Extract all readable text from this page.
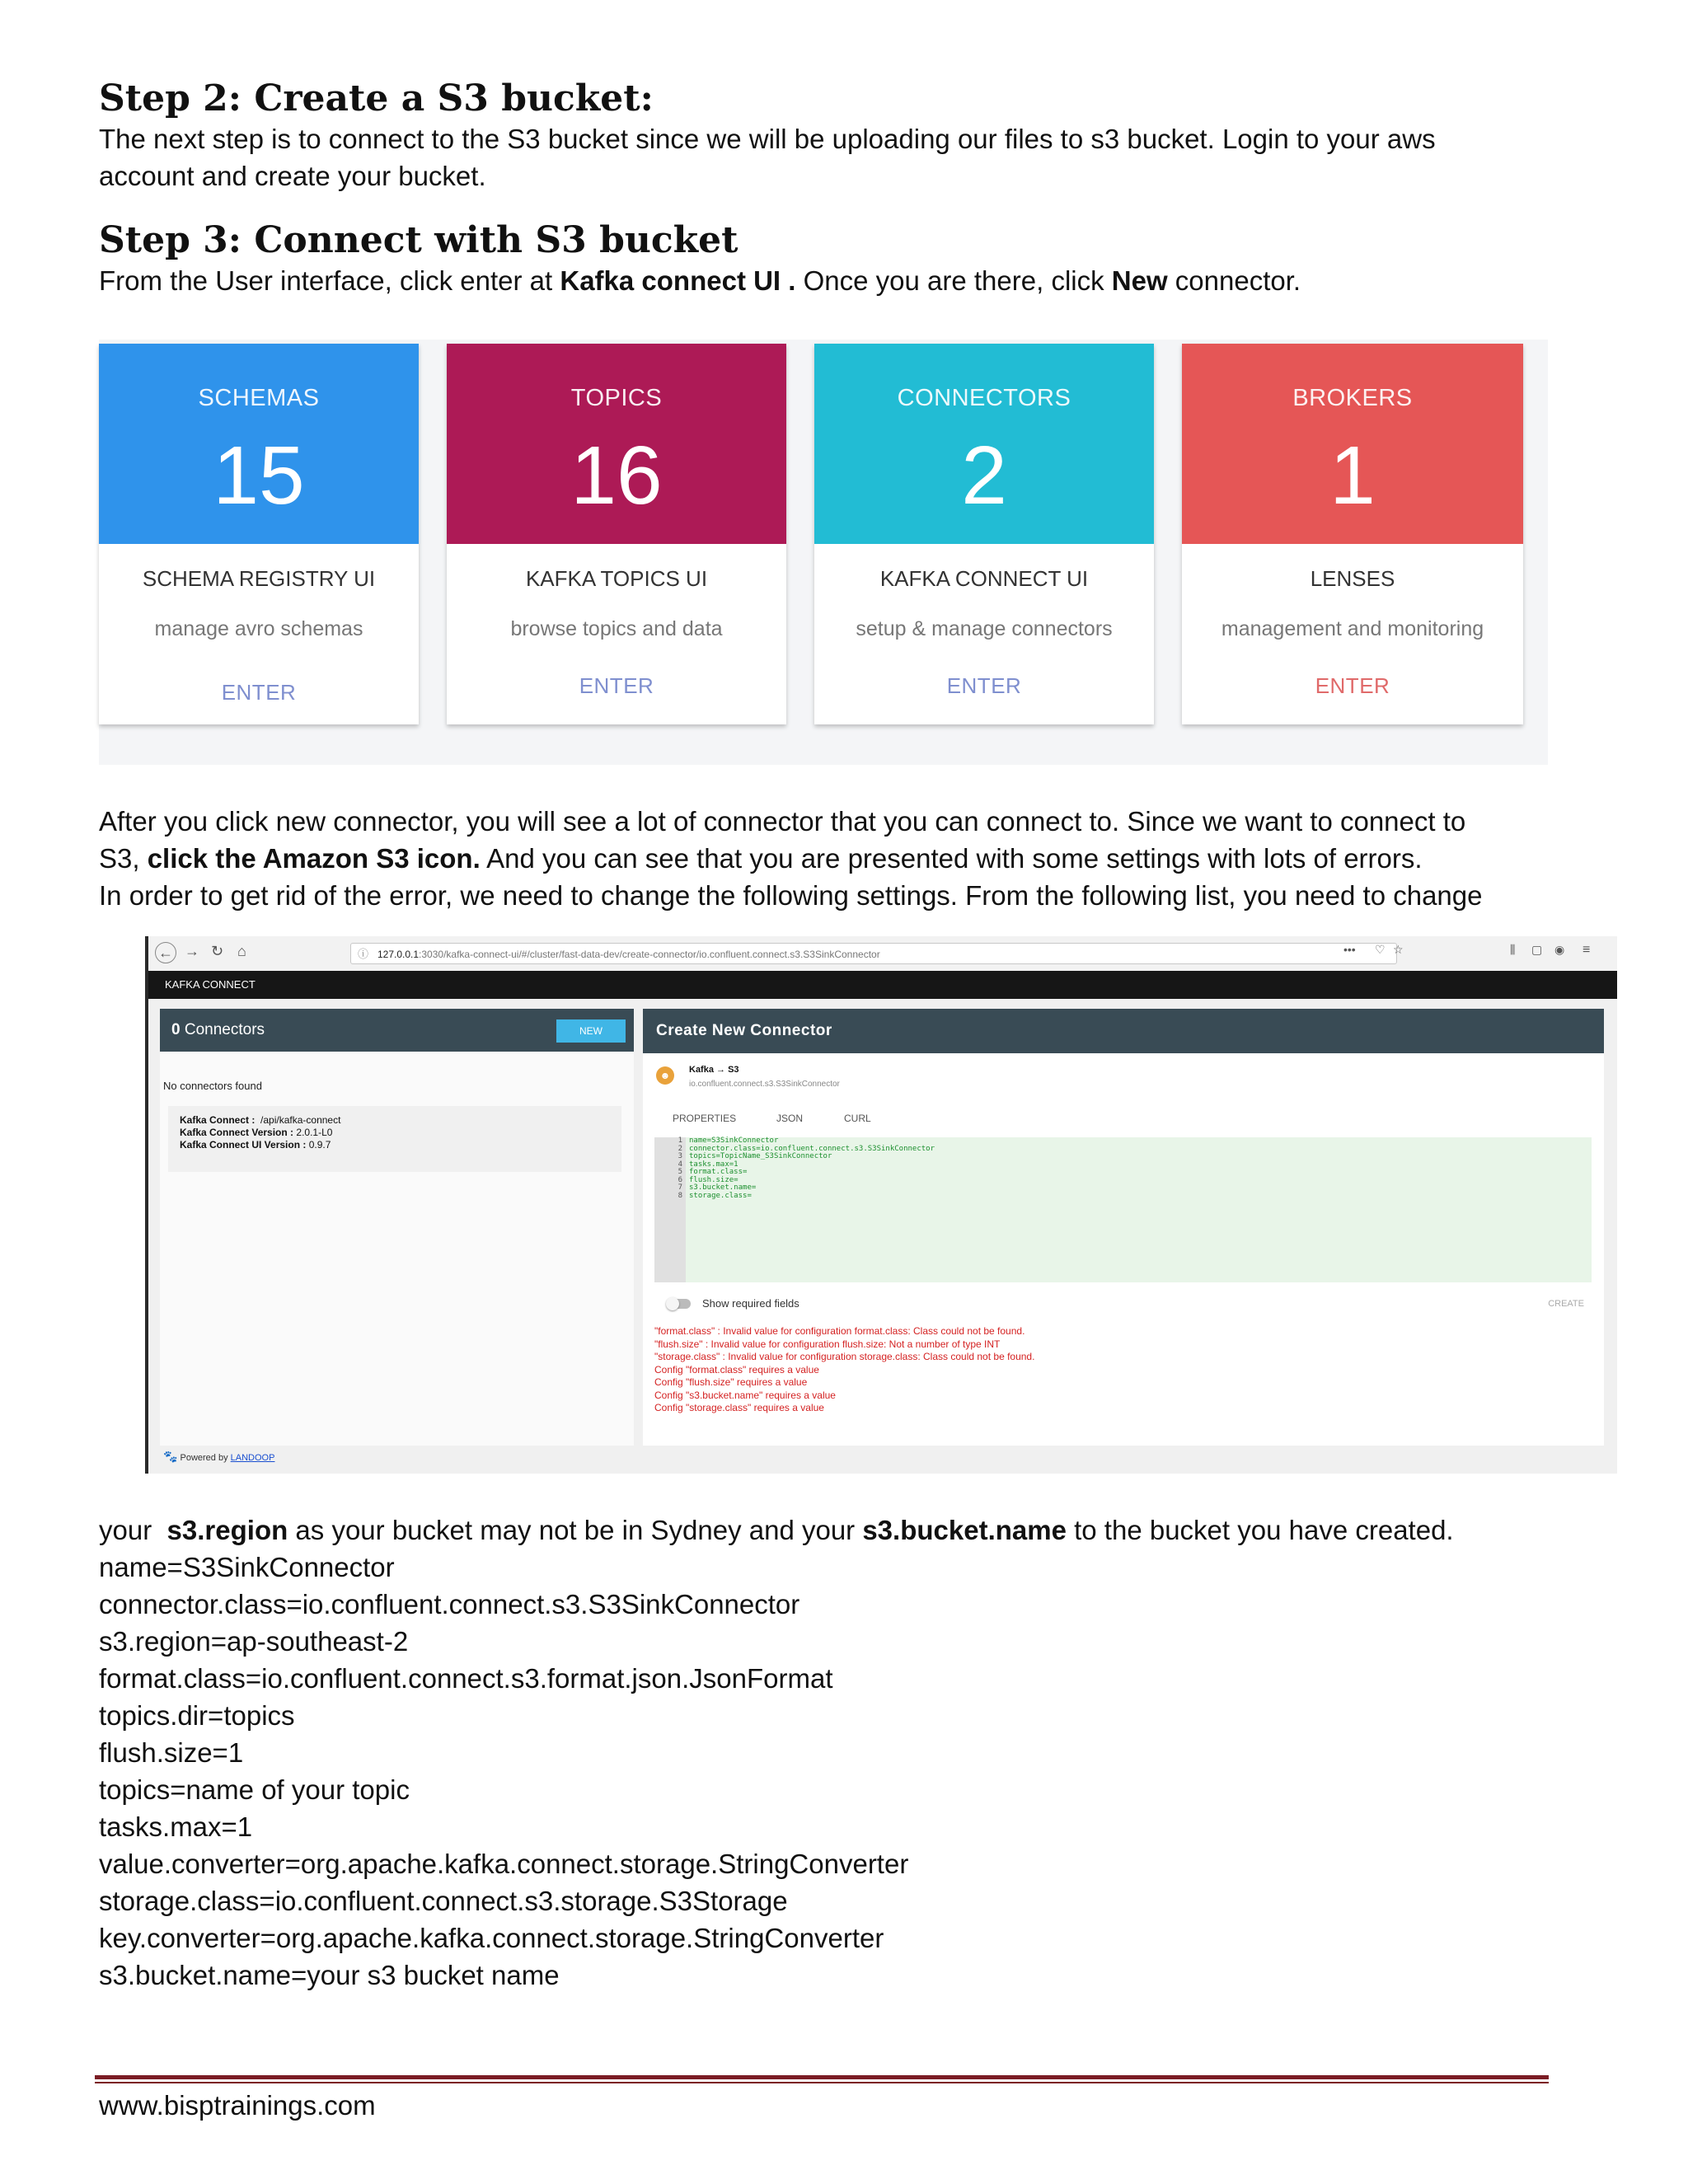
Step 2: Create a S3 bucket:

The next step is to connect to the S3 bucket since we will be uploading our files to s3 bucket. Login to your aws

account and create your bucket.

Step 3: Connect with S3 bucket

From the User interface, click enter at Kafka connect UI . Once you are there, click New connector.

SCHEMAS
15
SCHEMA REGISTRY UI
manage avro schemas
ENTER
TOPICS
16
KAFKA TOPICS UI
browse topics and data
ENTER
CONNECTORS
2
KAFKA CONNECT UI
setup & manage connectors
ENTER
BROKERS
1
LENSES
management and monitoring
ENTER

After you click new connector, you will see a lot of connector that you can connect to. Since we want to connect to

S3, click the Amazon S3 icon. And you can see that you are presented with some settings with lots of errors.

In order to get rid of the error, we need to change the following settings. From the following list, you need to change

← → ↻ ⌂	ⓘ 127.0.0.1:3030/kafka-connect-ui/#/cluster/fast-data-dev/create-connector/io.confluent.connect.s3.S3SinkConnector	••• ♡ ☆	⫼ ▢ ◉ ≡
KAFKA CONNECT
0 Connectors	NEW
No connectors found
Kafka Connect : /api/kafka-connect
Kafka Connect Version : 2.0.1-L0
Kafka Connect UI Version : 0.9.7
🐾 Powered by LANDOOP
Create New Connector
☻	Kafka → S3
io.confluent.connect.s3.S3SinkConnector
PROPERTIES	JSON	CURL
1
2
3
4
5
6
7
8
name=S3SinkConnector
connector.class=io.confluent.connect.s3.S3SinkConnector
topics=TopicName_S3SinkConnector
tasks.max=1
format.class=
flush.size=
s3.bucket.name=
storage.class=
Show required fields	CREATE
"format.class" : Invalid value for configuration format.class: Class could not be found.
"flush.size" : Invalid value for configuration flush.size: Not a number of type INT
"storage.class" : Invalid value for configuration storage.class: Class could not be found.
Config "format.class" requires a value
Config "flush.size" requires a value
Config "s3.bucket.name" requires a value
Config "storage.class" requires a value

your  s3.region as your bucket may not be in Sydney and your s3.bucket.name to the bucket you have created.

name=S3SinkConnector

connector.class=io.confluent.connect.s3.S3SinkConnector

s3.region=ap-southeast-2

format.class=io.confluent.connect.s3.format.json.JsonFormat

topics.dir=topics

flush.size=1

topics=name of your topic

tasks.max=1

value.converter=org.apache.kafka.connect.storage.StringConverter

storage.class=io.confluent.connect.s3.storage.S3Storage

key.converter=org.apache.kafka.connect.storage.StringConverter

s3.bucket.name=your s3 bucket name

www.bisptrainings.com
